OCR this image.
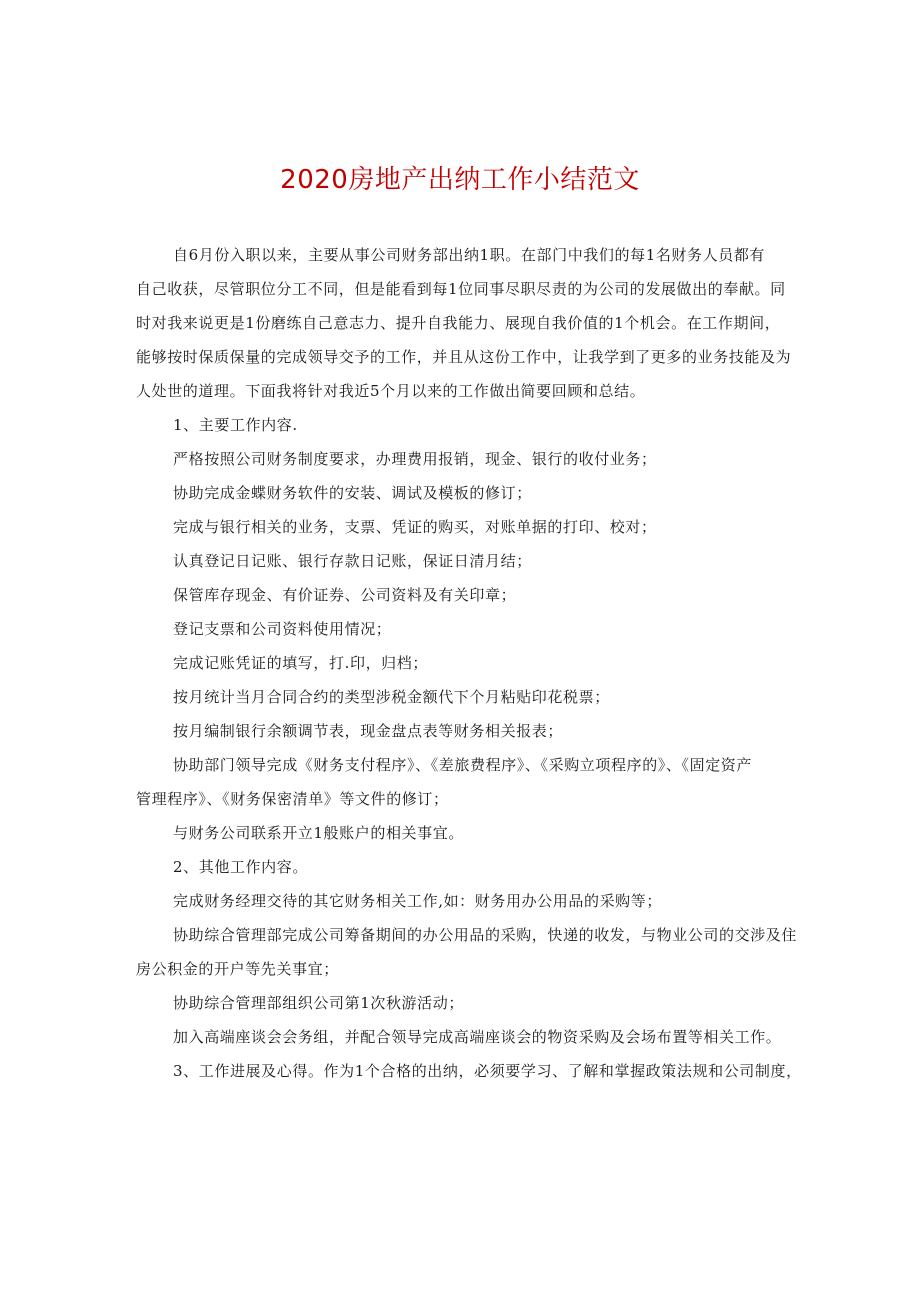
2020房地产出纳工作小结范文
自6月份入职以来，主要从事公司财务部出纳1职。在部门中我们的每1名财务人员都有
自己收获，尽管职位分工不同，但是能看到每1位同事尽职尽责的为公司的发展做出的奉献。同
时对我来说更是1份磨练自己意志力、提升自我能力、展现自我价值的1个机会。在工作期间，
能够按时保质保量的完成领导交予的工作，并且从这份工作中，让我学到了更多的业务技能及为
人处世的道理。下面我将针对我近5个月以来的工作做出简要回顾和总结。

1、主要工作内容.

严格按照公司财务制度要求，办理费用报销，现金、银行的收付业务；

协助完成金蝶财务软件的安装、调试及模板的修订；

完成与银行相关的业务，支票、凭证的购买，对账单据的打印、校对；

认真登记日记账、银行存款日记账，保证日清月结；

保管库存现金、有价证券、公司资料及有关印章；

登记支票和公司资料使用情况；

完成记账凭证的填写，打.印，归档；

按月统计当月合同合约的类型涉税金额代下个月粘贴印花税票；

按月编制银行余额调节表，现金盘点表等财务相关报表；

协助部门领导完成《财务支付程序》、《差旅费程序》、《采购立项程序的》、《固定资产
管理程序》、《财务保密清单》等文件的修订；

与财务公司联系开立1般账户的相关事宜。

2、其他工作内容。

完成财务经理交待的其它财务相关工作,如：财务用办公用品的采购等；

协助综合管理部完成公司筹备期间的办公用品的采购，快递的收发，与物业公司的交涉及住
房公积金的开户等先关事宜；

协助综合管理部组织公司第1次秋游活动；

加入高端座谈会会务组，并配合领导完成高端座谈会的物资采购及会场布置等相关工作。

3、工作进展及心得。作为1个合格的出纳，必须要学习、了解和掌握政策法规和公司制度，
